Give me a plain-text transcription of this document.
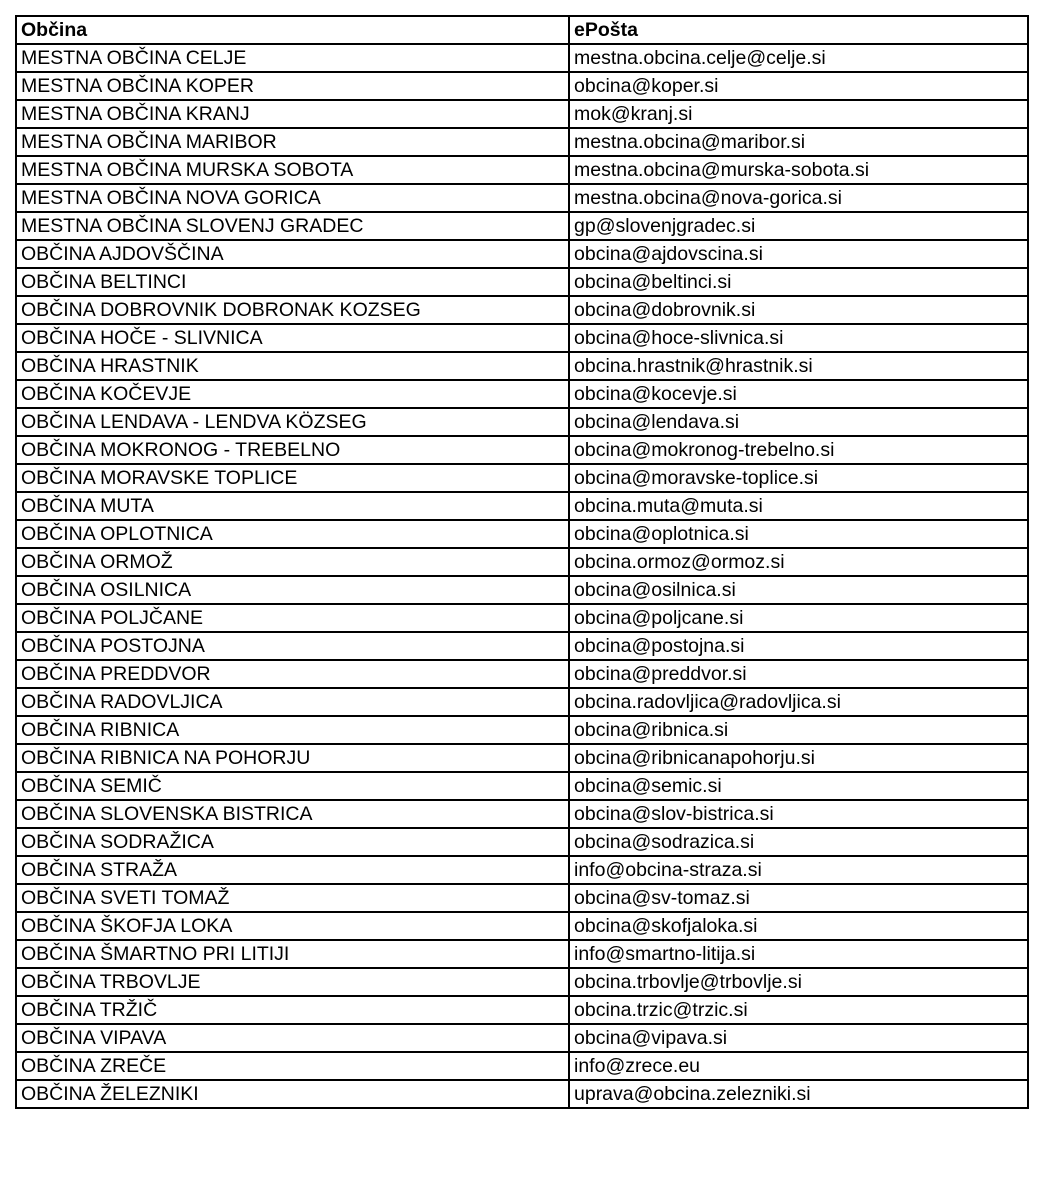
Občina	ePošta
MESTNA OBČINA CELJE	mestna.obcina.celje@celje.si
MESTNA OBČINA KOPER	obcina@koper.si
MESTNA OBČINA KRANJ	mok@kranj.si
MESTNA OBČINA MARIBOR	mestna.obcina@maribor.si
MESTNA OBČINA MURSKA SOBOTA	mestna.obcina@murska-sobota.si
MESTNA OBČINA NOVA GORICA	mestna.obcina@nova-gorica.si
MESTNA OBČINA SLOVENJ GRADEC	gp@slovenjgradec.si
OBČINA AJDOVŠČINA	obcina@ajdovscina.si
OBČINA BELTINCI	obcina@beltinci.si
OBČINA DOBROVNIK DOBRONAK KOZSEG	obcina@dobrovnik.si
OBČINA HOČE - SLIVNICA	obcina@hoce-slivnica.si
OBČINA HRASTNIK	obcina.hrastnik@hrastnik.si
OBČINA KOČEVJE	obcina@kocevje.si
OBČINA LENDAVA - LENDVA KÖZSEG	obcina@lendava.si
OBČINA MOKRONOG - TREBELNO	obcina@mokronog-trebelno.si
OBČINA MORAVSKE TOPLICE	obcina@moravske-toplice.si
OBČINA MUTA	obcina.muta@muta.si
OBČINA OPLOTNICA	obcina@oplotnica.si
OBČINA ORMOŽ	obcina.ormoz@ormoz.si
OBČINA OSILNICA	obcina@osilnica.si
OBČINA POLJČANE	obcina@poljcane.si
OBČINA POSTOJNA	obcina@postojna.si
OBČINA PREDDVOR	obcina@preddvor.si
OBČINA RADOVLJICA	obcina.radovljica@radovljica.si
OBČINA RIBNICA	obcina@ribnica.si
OBČINA RIBNICA NA POHORJU	obcina@ribnicanapohorju.si
OBČINA SEMIČ	obcina@semic.si
OBČINA SLOVENSKA BISTRICA	obcina@slov-bistrica.si
OBČINA SODRAŽICA	obcina@sodrazica.si
OBČINA STRAŽA	info@obcina-straza.si
OBČINA SVETI TOMAŽ	obcina@sv-tomaz.si
OBČINA ŠKOFJA LOKA	obcina@skofjaloka.si
OBČINA ŠMARTNO PRI LITIJI	info@smartno-litija.si
OBČINA TRBOVLJE	obcina.trbovlje@trbovlje.si
OBČINA TRŽIČ	obcina.trzic@trzic.si
OBČINA VIPAVA	obcina@vipava.si
OBČINA ZREČE	info@zrece.eu
OBČINA ŽELEZNIKI	uprava@obcina.zelezniki.si
